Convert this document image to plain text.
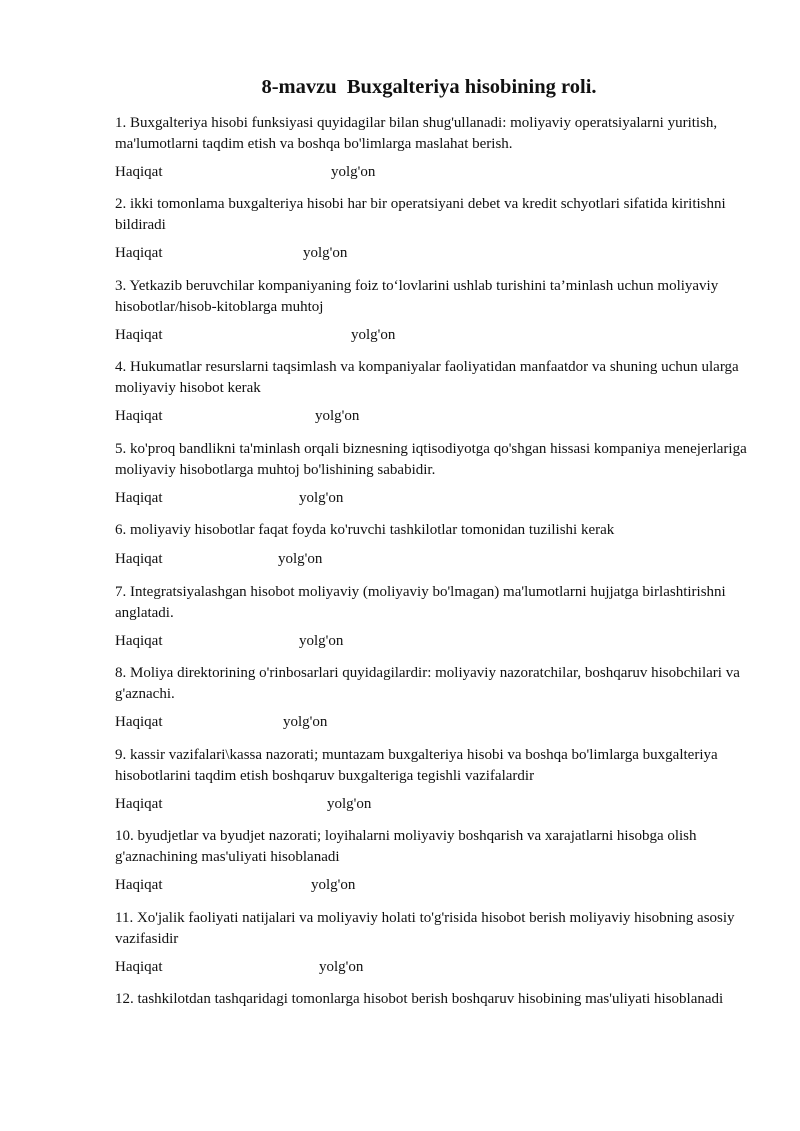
8-mavzu  Buxgalteriya hisobining roli.

1. Buxgalteriya hisobi funksiyasi quyidagilar bilan shug'ullanadi: moliyaviy operatsiyalarni yuritish, ma'lumotlarni taqdim etish va boshqa bo'limlarga maslahat berish.

Haqiqat	yolg'on

2. ikki tomonlama buxgalteriya hisobi har bir operatsiyani debet va kredit schyotlari sifatida kiritishni bildiradi

Haqiqat	yolg'on

3. Yetkazib beruvchilar kompaniyaning foiz to‘lovlarini ushlab turishini ta’minlash uchun moliyaviy hisobotlar/hisob-kitoblarga muhtoj

Haqiqat	yolg'on

4. Hukumatlar resurslarni taqsimlash va kompaniyalar faoliyatidan manfaatdor va shuning uchun ularga moliyaviy hisobot kerak

Haqiqat	yolg'on

5. ko'proq bandlikni ta'minlash orqali biznesning iqtisodiyotga qo'shgan hissasi kompaniya menejerlariga moliyaviy hisobotlarga muhtoj bo'lishining sababidir.

Haqiqat	yolg'on

6. moliyaviy hisobotlar faqat foyda ko'ruvchi tashkilotlar tomonidan tuzilishi kerak

Haqiqat	yolg'on

7. Integratsiyalashgan hisobot moliyaviy (moliyaviy bo'lmagan) ma'lumotlarni hujjatga birlashtirishni anglatadi.

Haqiqat	yolg'on

8. Moliya direktorining o'rinbosarlari quyidagilardir: moliyaviy nazoratchilar, boshqaruv hisobchilari va g'aznachi.

Haqiqat	yolg'on

9. kassir vazifalari\kassa nazorati; muntazam buxgalteriya hisobi va boshqa bo'limlarga buxgalteriya hisobotlarini taqdim etish boshqaruv buxgalteriga tegishli vazifalardir

Haqiqat	yolg'on

10. byudjetlar va byudjet nazorati; loyihalarni moliyaviy boshqarish va xarajatlarni hisobga olish g'aznachining mas'uliyati hisoblanadi

Haqiqat	yolg'on

11. Xo'jalik faoliyati natijalari va moliyaviy holati to'g'risida hisobot berish moliyaviy hisobning asosiy vazifasidir

Haqiqat	yolg'on

12. tashkilotdan tashqaridagi tomonlarga hisobot berish boshqaruv hisobining mas'uliyati hisoblanadi
